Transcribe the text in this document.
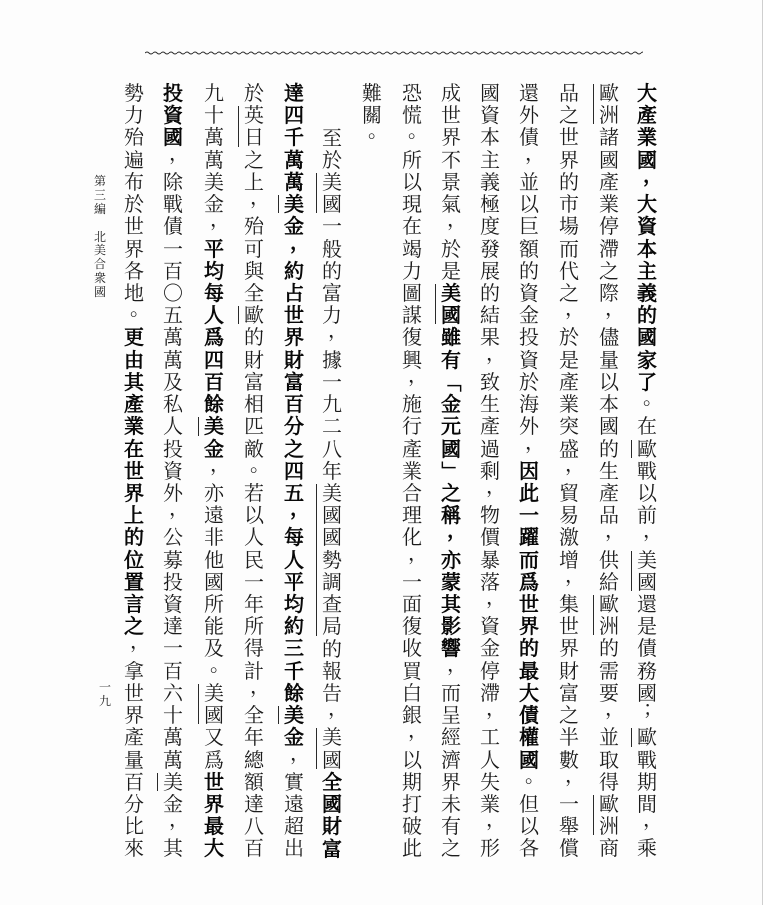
大
產
業
國
，
大
資
本
主
義
的
國
家
了
。
在
歐
戰
以
前
，
美
國
還
是
債
務
國
；
歐
戰
期
間
，
乘
歐
洲
諸
國
產
業
停
滯
之
際
，
儘
量
以
本
國
的
生
產
品
，
供
給
歐
洲
的
需
要
，
並
取
得
歐
洲
商
品
之
世
界
的
市
場
而
代
之
，
於
是
產
業
突
盛
，
貿
易
激
增
，
集
世
界
財
富
之
半
數
，
一
舉
償
還
外
債
，
並
以
巨
額
的
資
金
投
資
於
海
外
，
因
此
一
躍
而
爲
世
界
的
最
大
債
權
國
。
但
以
各
國
資
本
主
義
極
度
發
展
的
結
果
，
致
生
產
過
剩
，
物
價
暴
落
，
資
金
停
滯
，
工
人
失
業
，
形
成
世
界
不
景
氣
，
於
是
美
國
雖
有
「
金
元
國
」
之
稱
，
亦
蒙
其
影
響
，
而
呈
經
濟
界
未
有
之
恐
慌
。
所
以
現
在
竭
力
圖
謀
復
興
，
施
行
產
業
合
理
化
，
一
面
復
收
買
白
銀
，
以
期
打
破
此
難
關
。
至
於
美
國
一
般
的
富
力
，
據
一
九
二
八
年
美
國
國
勢
調
查
局
的
報
告
，
美
國
全
國
財
富
達
四
千
萬
萬
美
金
，
約
占
世
界
財
富
百
分
之
四
五
，
每
人
平
均
約
三
千
餘
美
金
，
實
遠
超
出
於
英
日
之
上
，
殆
可
與
全
歐
的
財
富
相
匹
敵
。
若
以
人
民
一
年
所
得
計
，
全
年
總
額
達
八
百
九
十
萬
萬
美
金
，
平
均
每
人
爲
四
百
餘
美
金
，
亦
遠
非
他
國
所
能
及
。
美
國
又
爲
世
界
最
大
投
資
國
，
除
戰
債
一
百
〇
五
萬
萬
及
私
人
投
資
外
，
公
募
投
資
達
一
百
六
十
萬
萬
美
金
，
其
勢
力
殆
遍
布
於
世
界
各
地
。
更
由
其
產
業
在
世
界
上
的
位
置
言
之
，
拿
世
界
產
量
百
分
比
來
第
三
編

北
美
合
衆
國
一
九
